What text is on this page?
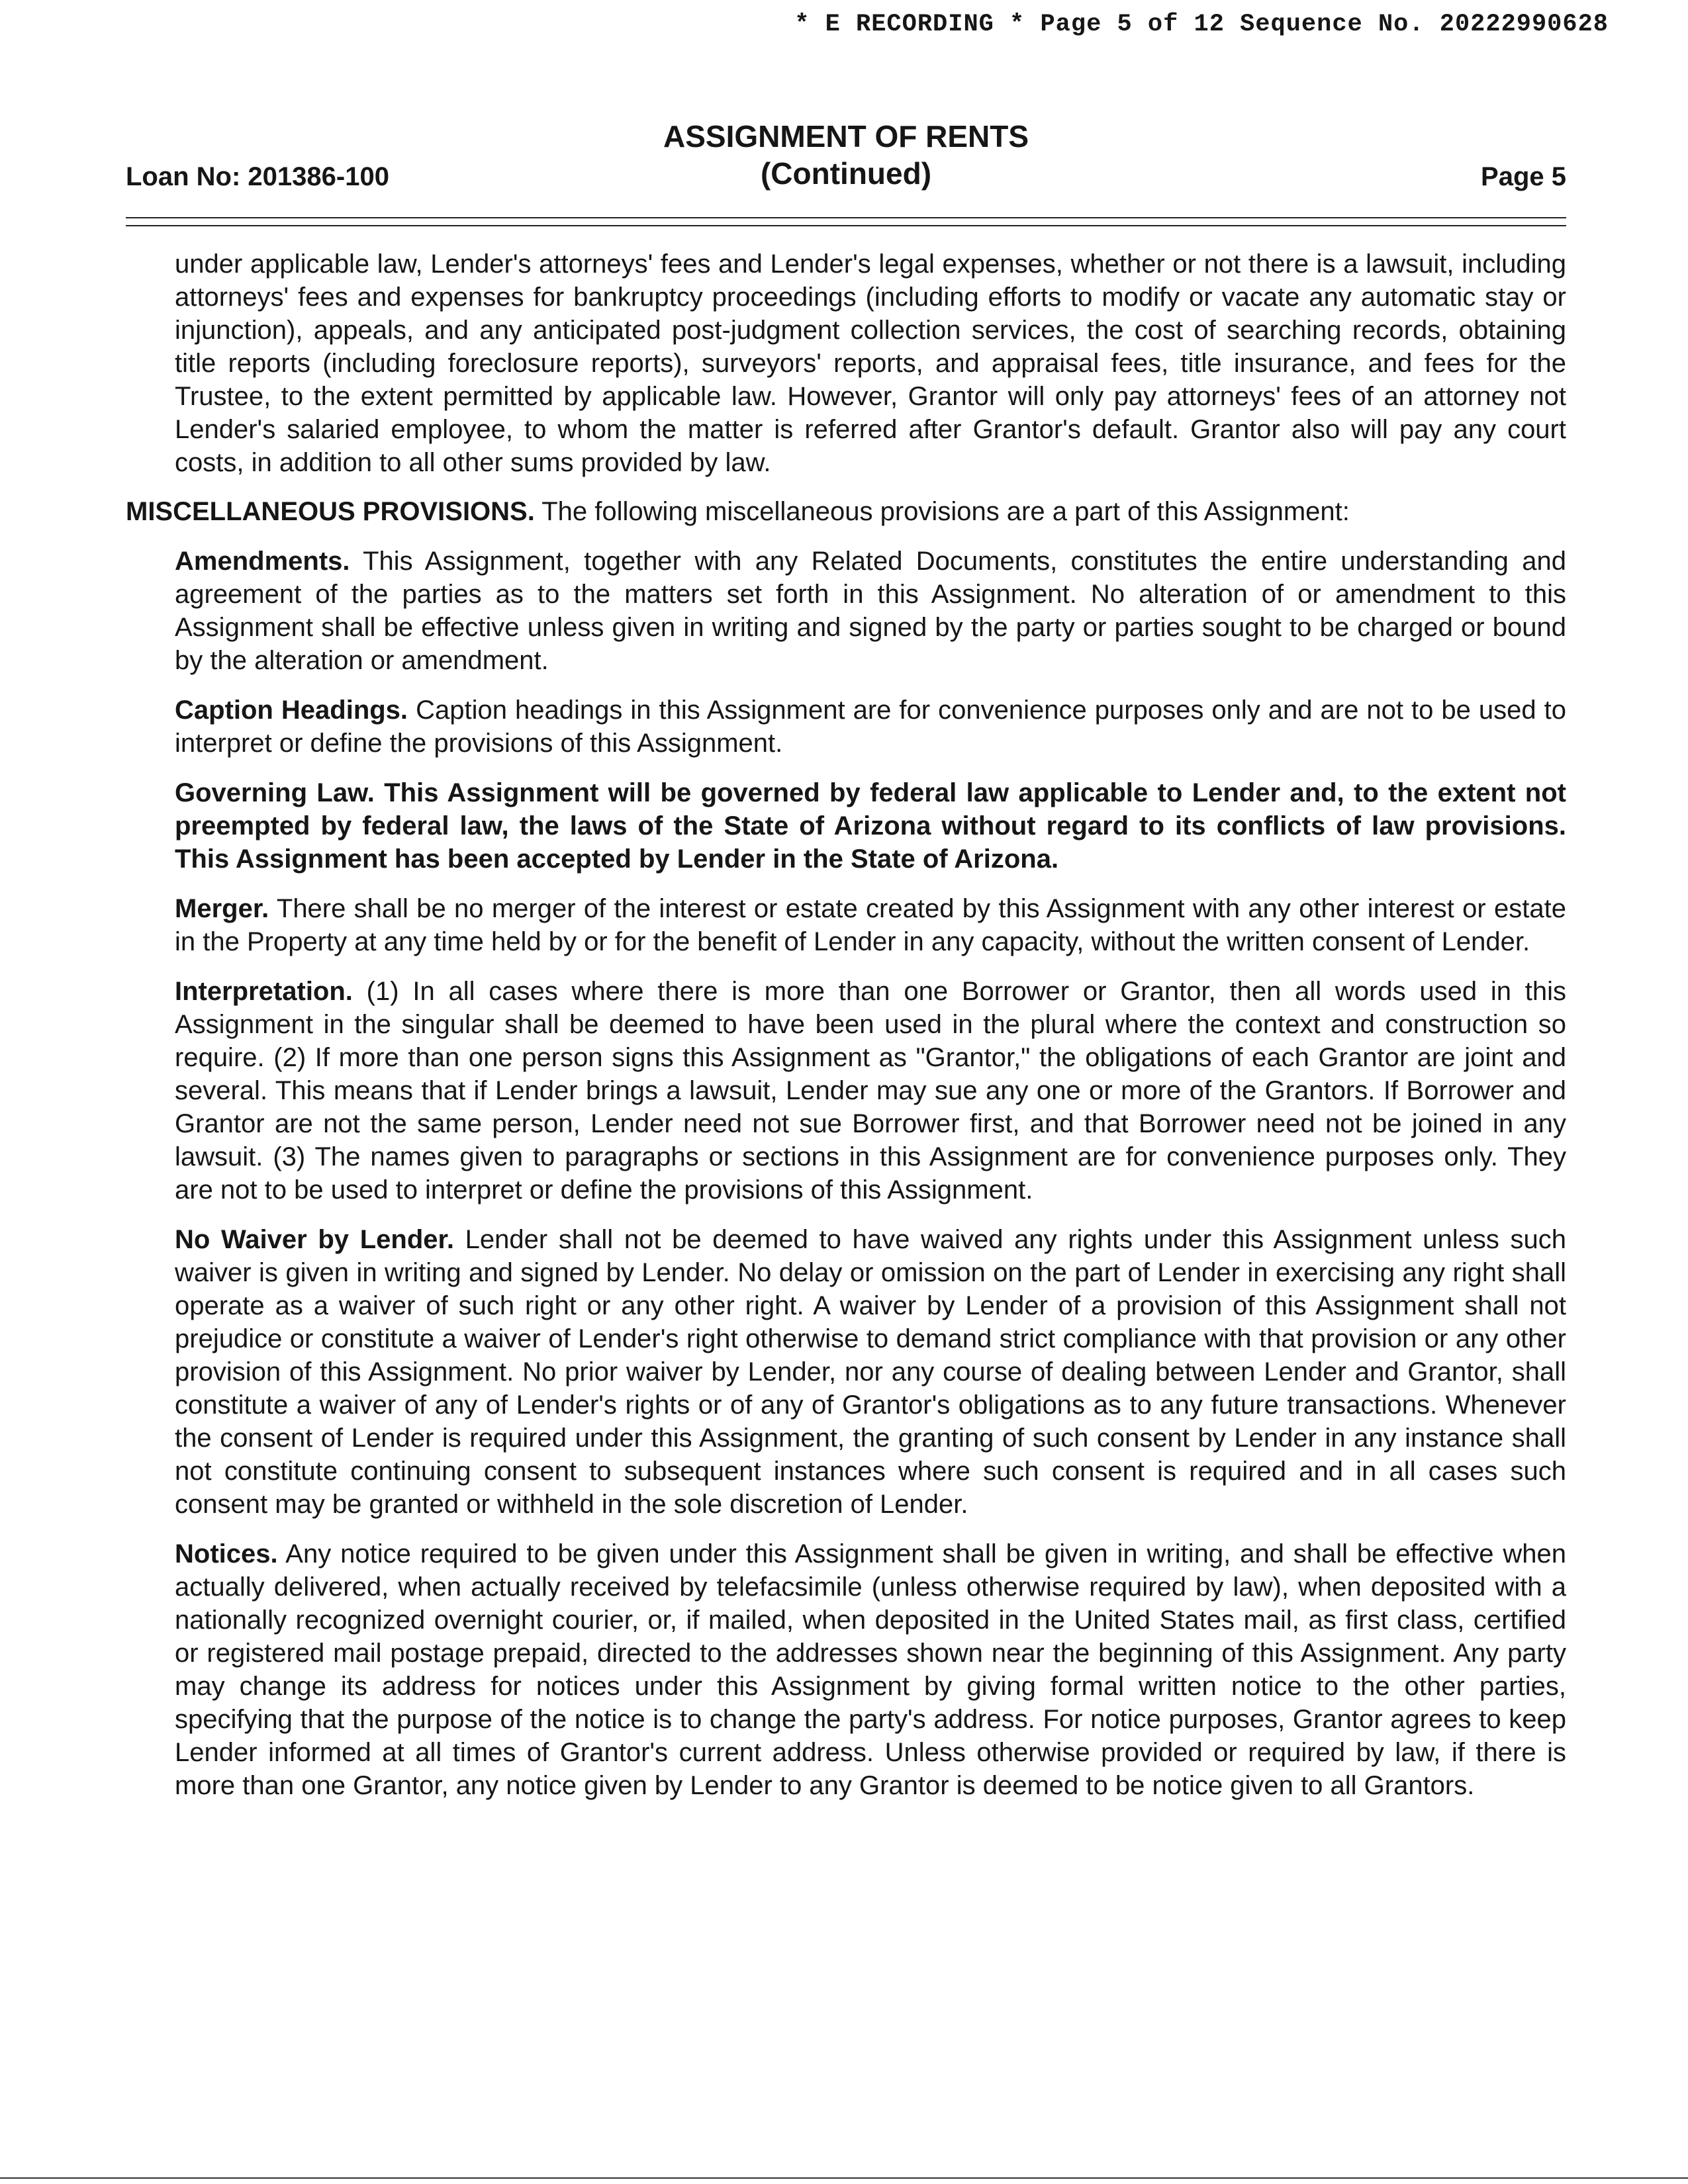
* E RECORDING * Page 5 of 12 Sequence No. 20222990628
Loan No: 201386-100
ASSIGNMENT OF RENTS
(Continued)	Page 5

under applicable law, Lender's attorneys' fees and Lender's legal expenses, whether or not there is a lawsuit, including attorneys' fees and expenses for bankruptcy proceedings (including efforts to modify or vacate any automatic stay or injunction), appeals, and any anticipated post-judgment collection services, the cost of searching records, obtaining title reports (including foreclosure reports), surveyors' reports, and appraisal fees, title insurance, and fees for the Trustee, to the extent permitted by applicable law. However, Grantor will only pay attorneys' fees of an attorney not Lender's salaried employee, to whom the matter is referred after Grantor's default. Grantor also will pay any court costs, in addition to all other sums provided by law.

MISCELLANEOUS PROVISIONS. The following miscellaneous provisions are a part of this Assignment:

Amendments. This Assignment, together with any Related Documents, constitutes the entire understanding and agreement of the parties as to the matters set forth in this Assignment. No alteration of or amendment to this Assignment shall be effective unless given in writing and signed by the party or parties sought to be charged or bound by the alteration or amendment.

Caption Headings. Caption headings in this Assignment are for convenience purposes only and are not to be used to interpret or define the provisions of this Assignment.

Governing Law. This Assignment will be governed by federal law applicable to Lender and, to the extent not preempted by federal law, the laws of the State of Arizona without regard to its conflicts of law provisions. This Assignment has been accepted by Lender in the State of Arizona.

Merger. There shall be no merger of the interest or estate created by this Assignment with any other interest or estate in the Property at any time held by or for the benefit of Lender in any capacity, without the written consent of Lender.

Interpretation. (1) In all cases where there is more than one Borrower or Grantor, then all words used in this Assignment in the singular shall be deemed to have been used in the plural where the context and construction so require. (2) If more than one person signs this Assignment as "Grantor," the obligations of each Grantor are joint and several. This means that if Lender brings a lawsuit, Lender may sue any one or more of the Grantors. If Borrower and Grantor are not the same person, Lender need not sue Borrower first, and that Borrower need not be joined in any lawsuit. (3) The names given to paragraphs or sections in this Assignment are for convenience purposes only. They are not to be used to interpret or define the provisions of this Assignment.

No Waiver by Lender. Lender shall not be deemed to have waived any rights under this Assignment unless such waiver is given in writing and signed by Lender. No delay or omission on the part of Lender in exercising any right shall operate as a waiver of such right or any other right. A waiver by Lender of a provision of this Assignment shall not prejudice or constitute a waiver of Lender's right otherwise to demand strict compliance with that provision or any other provision of this Assignment. No prior waiver by Lender, nor any course of dealing between Lender and Grantor, shall constitute a waiver of any of Lender's rights or of any of Grantor's obligations as to any future transactions. Whenever the consent of Lender is required under this Assignment, the granting of such consent by Lender in any instance shall not constitute continuing consent to subsequent instances where such consent is required and in all cases such consent may be granted or withheld in the sole discretion of Lender.

Notices. Any notice required to be given under this Assignment shall be given in writing, and shall be effective when actually delivered, when actually received by telefacsimile (unless otherwise required by law), when deposited with a nationally recognized overnight courier, or, if mailed, when deposited in the United States mail, as first class, certified or registered mail postage prepaid, directed to the addresses shown near the beginning of this Assignment. Any party may change its address for notices under this Assignment by giving formal written notice to the other parties, specifying that the purpose of the notice is to change the party's address. For notice purposes, Grantor agrees to keep Lender informed at all times of Grantor's current address. Unless otherwise provided or required by law, if there is more than one Grantor, any notice given by Lender to any Grantor is deemed to be notice given to all Grantors.
